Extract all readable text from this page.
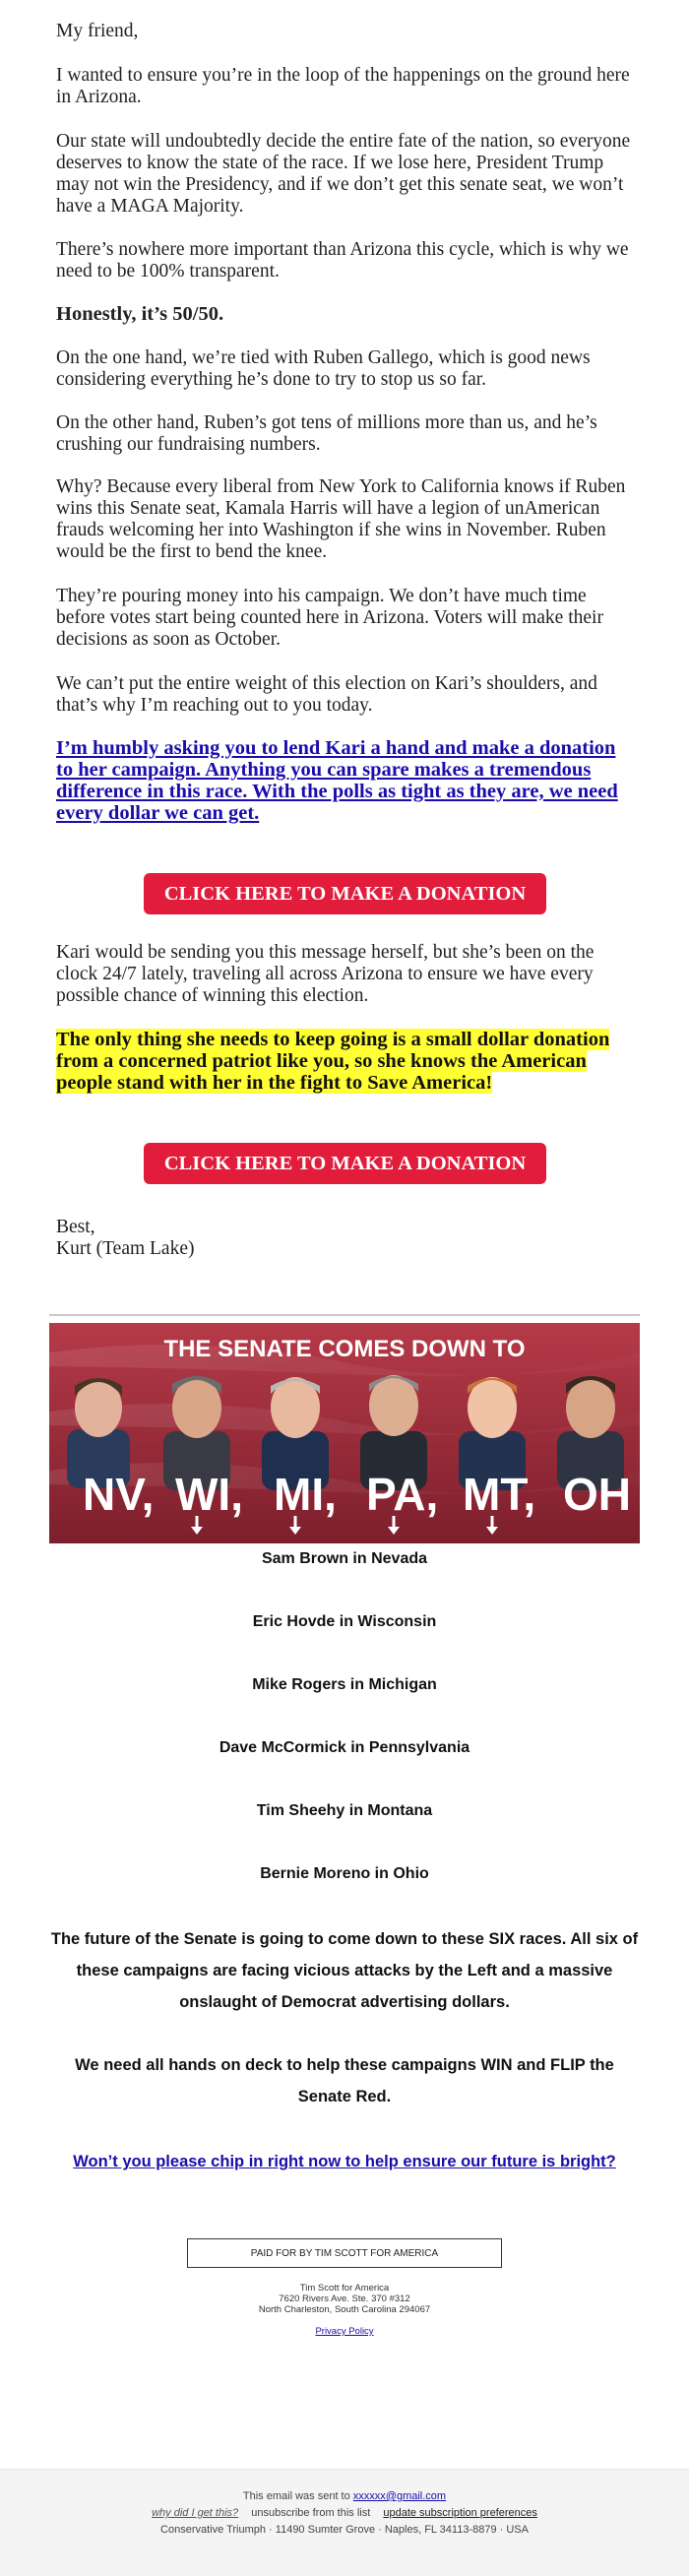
My friend,

I wanted to ensure you’re in the loop of the happenings on the ground here in Arizona.

Our state will undoubtedly decide the entire fate of the nation, so everyone deserves to know the state of the race. If we lose here, President Trump may not win the Presidency, and if we don’t get this senate seat, we won’t have a MAGA Majority.

There’s nowhere more important than Arizona this cycle, which is why we need to be 100% transparent.

Honestly, it’s 50/50.

On the one hand, we’re tied with Ruben Gallego, which is good news considering everything he’s done to try to stop us so far.

On the other hand, Ruben’s got tens of millions more than us, and he’s crushing our fundraising numbers.

Why? Because every liberal from New York to California knows if Ruben wins this Senate seat, Kamala Harris will have a legion of unAmerican frauds welcoming her into Washington if she wins in November. Ruben would be the first to bend the knee.

They’re pouring money into his campaign. We don’t have much time before votes start being counted here in Arizona. Voters will make their decisions as soon as October.

We can’t put the entire weight of this election on Kari’s shoulders, and that’s why I’m reaching out to you today.

I’m humbly asking you to lend Kari a hand and make a donation to her campaign. Anything you can spare makes a tremendous difference in this race. With the polls as tight as they are, we need every dollar we can get.
CLICK HERE TO MAKE A DONATION

Kari would be sending you this message herself, but she’s been on the clock 24/7 lately, traveling all across Arizona to ensure we have every possible chance of winning this election.

The only thing she needs to keep going is a small dollar donation from a concerned patriot like you, so she knows the American people stand with her in the fight to Save America!

CLICK HERE TO MAKE A DONATION
Best,
Kurt (Team Lake)
THE SENATE COMES DOWN TO
NV, WI, MI, PA, MT, OH
Sam Brown in Nevada
Eric Hovde in Wisconsin
Mike Rogers in Michigan
Dave McCormick in Pennsylvania
Tim Sheehy in Montana
Bernie Moreno in Ohio

The future of the Senate is going to come down to these SIX races. All six of these campaigns are facing vicious attacks by the Left and a massive onslaught of Democrat advertising dollars.

We need all hands on deck to help these campaigns WIN and FLIP the Senate Red.

Won’t you please chip in right now to help ensure our future is bright?
PAID FOR BY TIM SCOTT FOR AMERICA
Tim Scott for America
7620 Rivers Ave. Ste. 370 #312
North Charleston, South Carolina 294067
Privacy Policy
This email was sent to xxxxxx@gmail.com
why did I get this? unsubscribe from this list update subscription preferences
Conservative Triumph · 11490 Sumter Grove · Naples, FL 34113-8879 · USA
